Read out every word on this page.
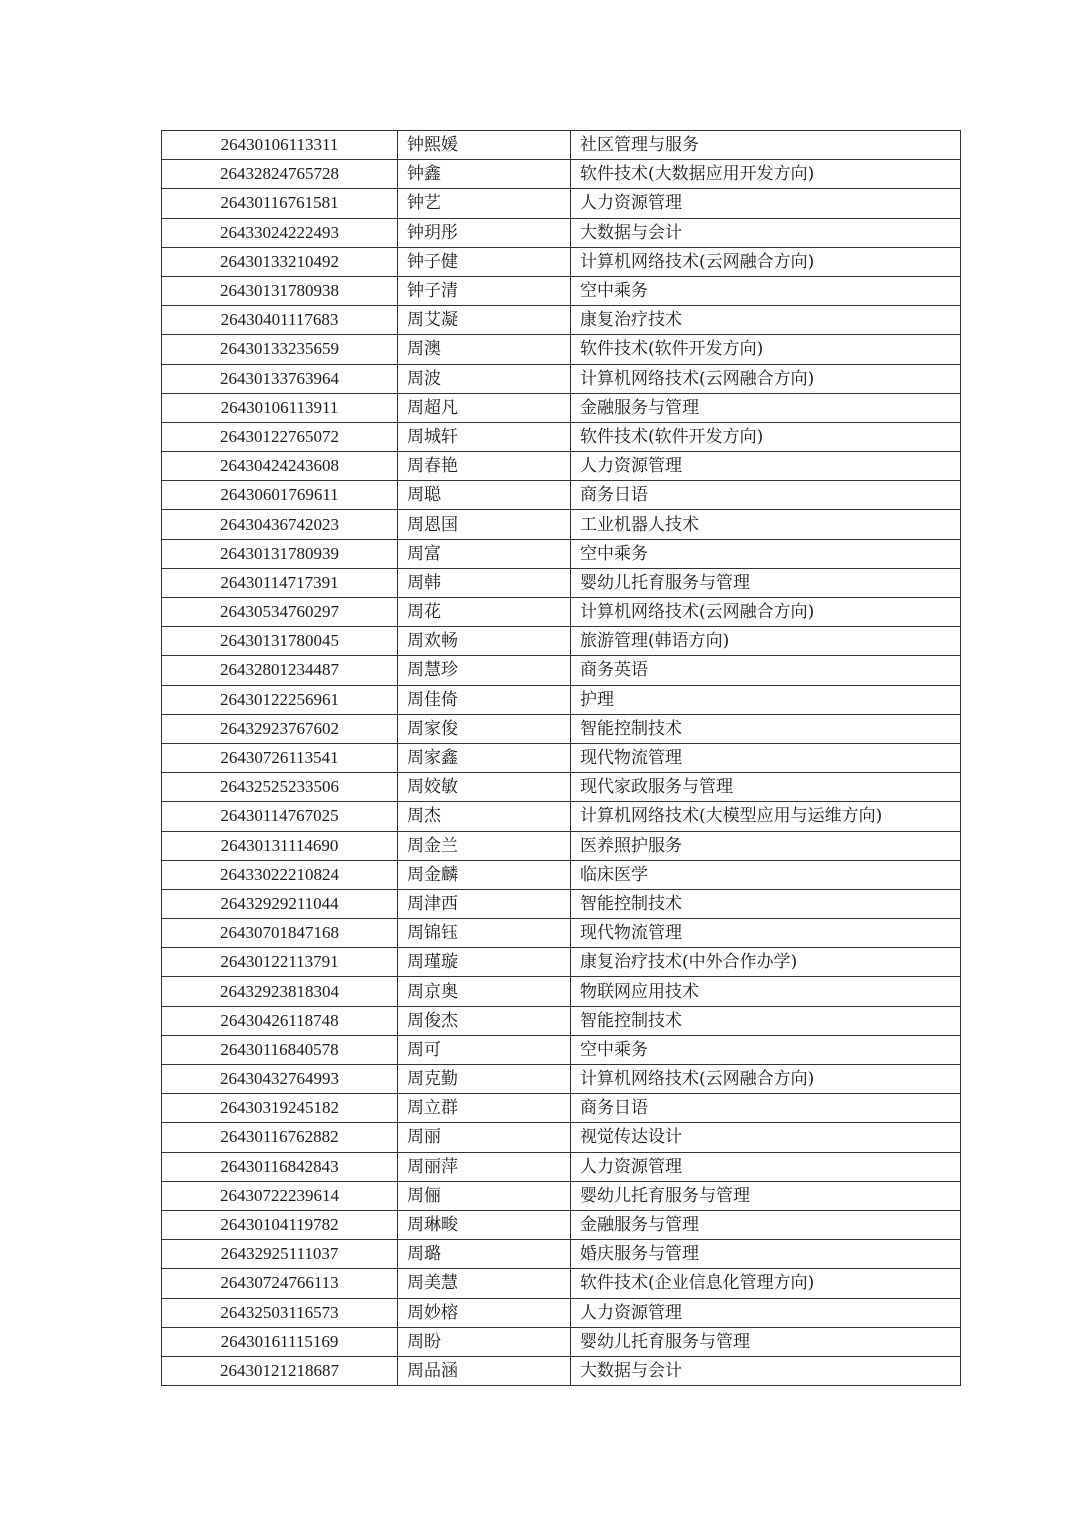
26430106113311	钟熙媛	社区管理与服务
26432824765728	钟鑫	软件技术(大数据应用开发方向)
26430116761581	钟艺	人力资源管理
26433024222493	钟玥彤	大数据与会计
26430133210492	钟子健	计算机网络技术(云网融合方向)
26430131780938	钟子清	空中乘务
26430401117683	周艾凝	康复治疗技术
26430133235659	周澳	软件技术(软件开发方向)
26430133763964	周波	计算机网络技术(云网融合方向)
26430106113911	周超凡	金融服务与管理
26430122765072	周城轩	软件技术(软件开发方向)
26430424243608	周春艳	人力资源管理
26430601769611	周聪	商务日语
26430436742023	周恩国	工业机器人技术
26430131780939	周富	空中乘务
26430114717391	周韩	婴幼儿托育服务与管理
26430534760297	周花	计算机网络技术(云网融合方向)
26430131780045	周欢畅	旅游管理(韩语方向)
26432801234487	周慧珍	商务英语
26430122256961	周佳倚	护理
26432923767602	周家俊	智能控制技术
26430726113541	周家鑫	现代物流管理
26432525233506	周姣敏	现代家政服务与管理
26430114767025	周杰	计算机网络技术(大模型应用与运维方向)
26430131114690	周金兰	医养照护服务
26433022210824	周金麟	临床医学
26432929211044	周津西	智能控制技术
26430701847168	周锦钰	现代物流管理
26430122113791	周瑾璇	康复治疗技术(中外合作办学)
26432923818304	周京奥	物联网应用技术
26430426118748	周俊杰	智能控制技术
26430116840578	周可	空中乘务
26430432764993	周克勤	计算机网络技术(云网融合方向)
26430319245182	周立群	商务日语
26430116762882	周丽	视觉传达设计
26430116842843	周丽萍	人力资源管理
26430722239614	周俪	婴幼儿托育服务与管理
26430104119782	周琳畯	金融服务与管理
26432925111037	周璐	婚庆服务与管理
26430724766113	周美慧	软件技术(企业信息化管理方向)
26432503116573	周妙榕	人力资源管理
26430161115169	周盼	婴幼儿托育服务与管理
26430121218687	周品涵	大数据与会计
